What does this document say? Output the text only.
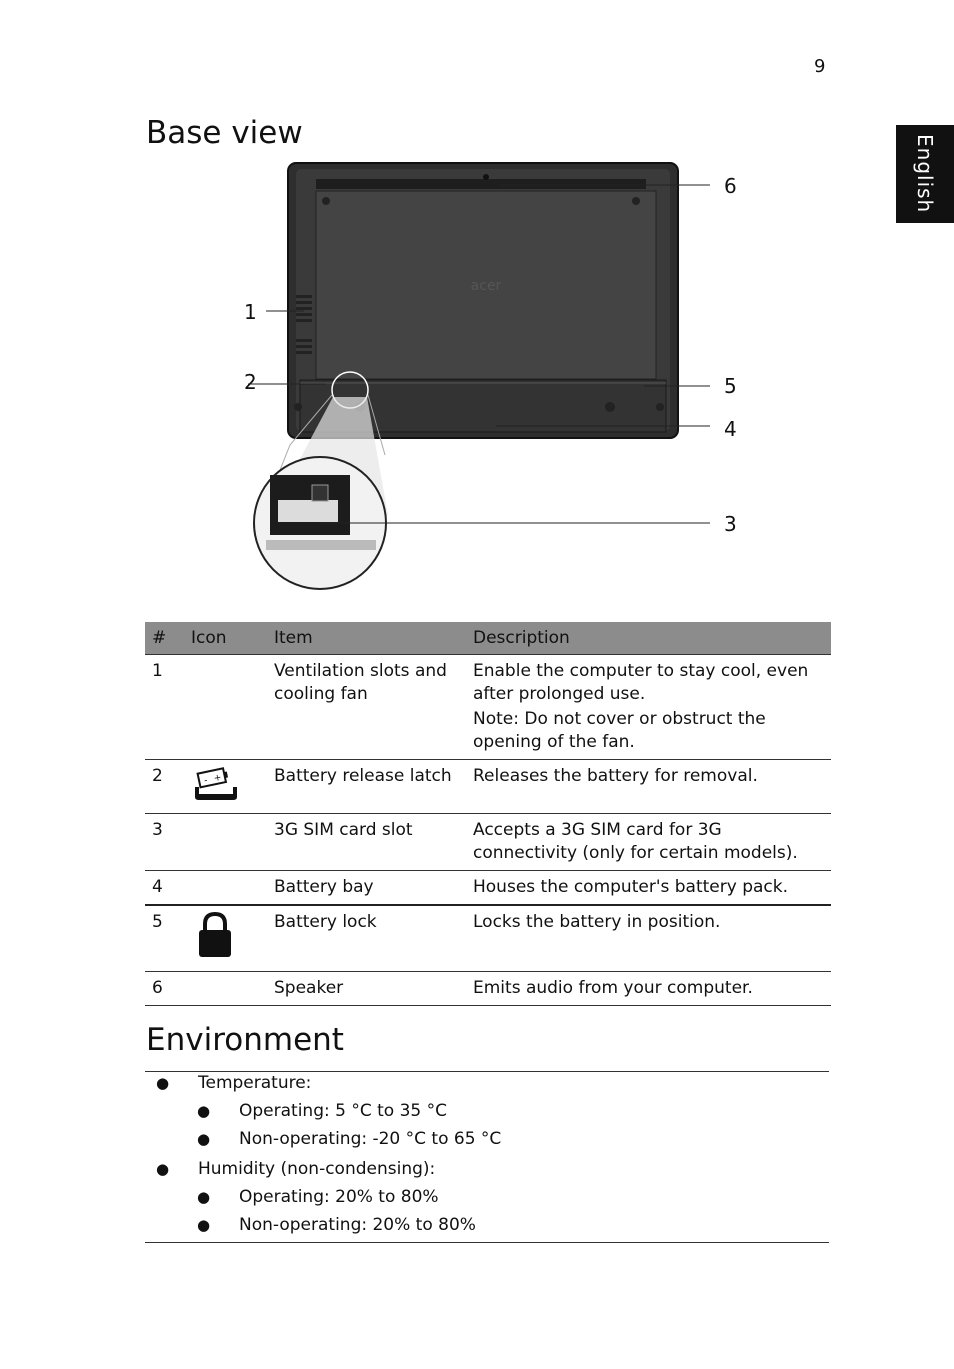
9
English
Base view
acer
1
2
3
4
5
6
#	Icon	Item	Description
1		Ventilation slots and cooling fan	Enable the computer to stay cool, even after prolonged use.
Note: Do not cover or obstruct the opening of the fan.

2	- +	Battery release latch	Releases the battery for removal.
3		3G SIM card slot	Accepts a 3G SIM card for 3G connectivity (only for certain models).
4		Battery bay	Houses the computer's battery pack.
5		Battery lock	Locks the battery in position.
6		Speaker	Emits audio from your computer.
Environment
● Temperature:
● Operating: 5 °C to 35 °C
● Non-operating: -20 °C to 65 °C
● Humidity (non-condensing):
● Operating: 20% to 80%
● Non-operating: 20% to 80%
